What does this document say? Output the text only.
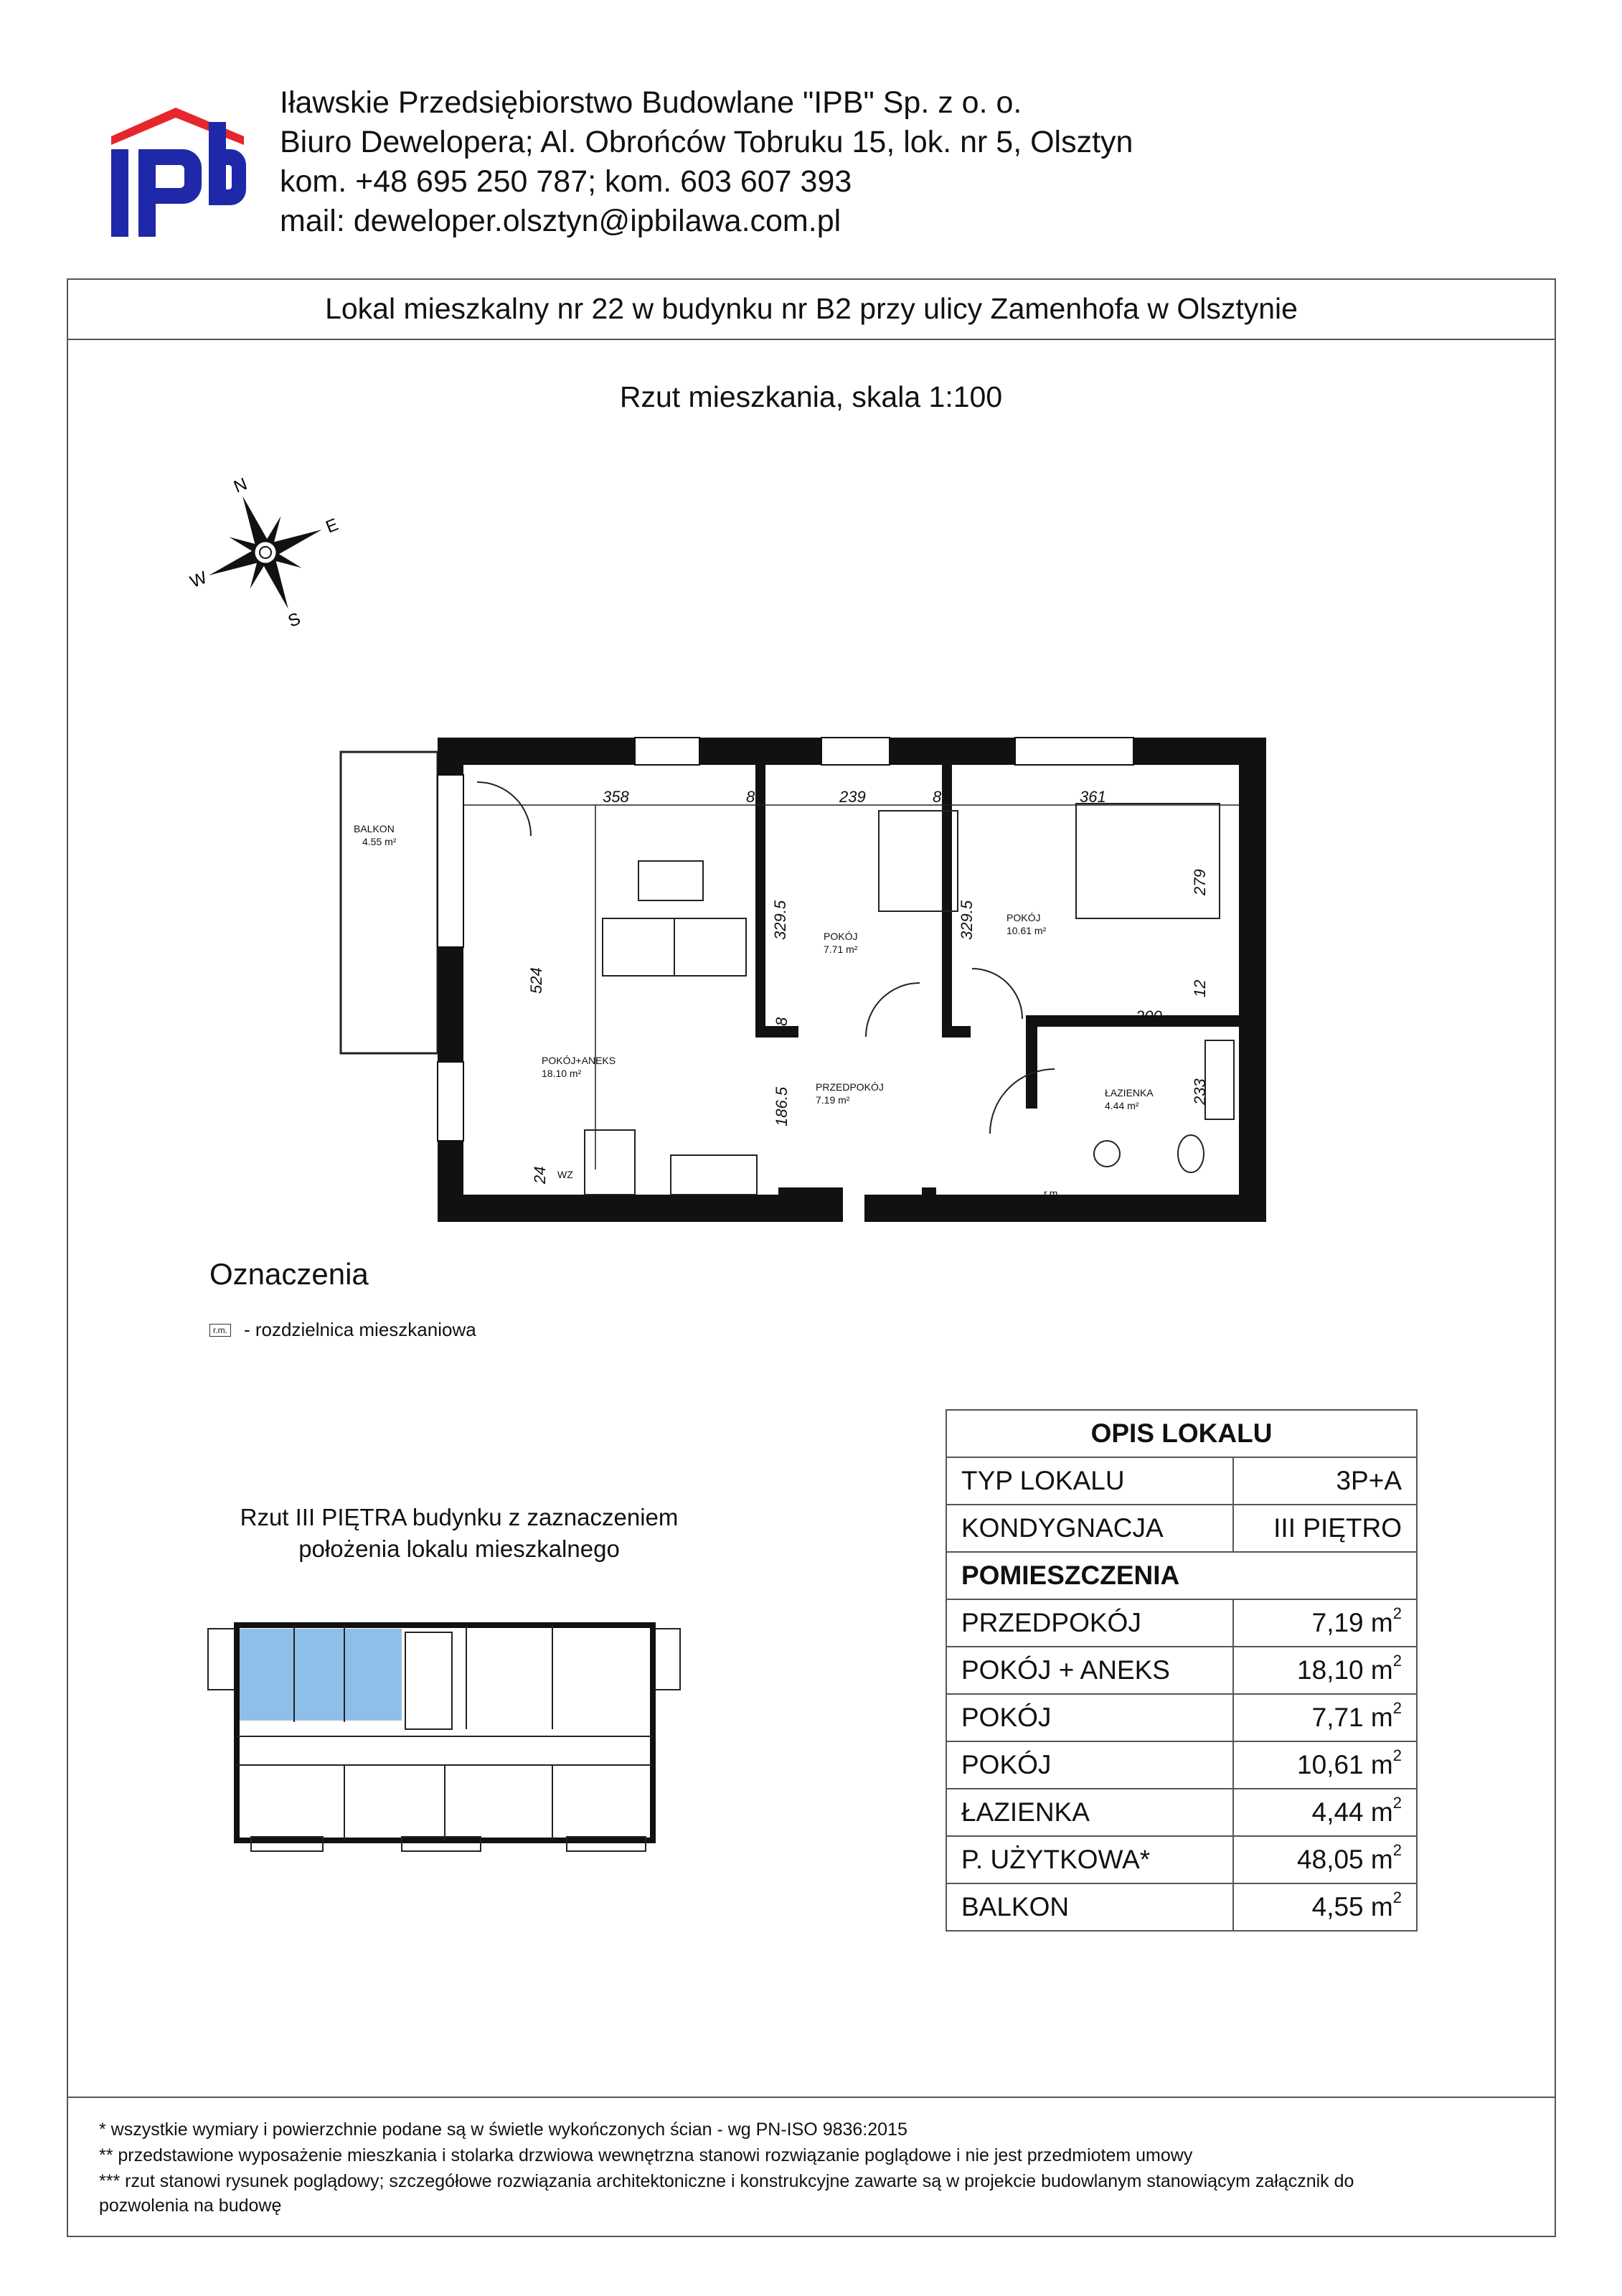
Iławskie Przedsiębiorstwo Budowlane "IPB" Sp. z o. o.
Biuro Dewelopera; Al. Obrońców Tobruku 15, lok. nr 5, Olsztyn
kom. +48 695 250 787; kom. 603 607 393
mail: deweloper.olsztyn@ipbilawa.com.pl
Lokal mieszkalny nr 22 w budynku nr B2 przy ulicy Zamenhofa w Olsztynie
Rzut mieszkania, skala 1:100
N
E
S
W
BALKON
4.55 m²
POKÓJ
7.71 m²
POKÓJ
10.61 m²
POKÓJ+ANEKS
18.10 m²
PRZEDPOKÓJ
7.19 m²
ŁAZIENKA
4.44 m²
358	8	239	8	361
279
329.5	329.5
524	12
200
233
186.5
8
24 WZ
r.m.
Oznaczenia
r.m. - rozdzielnica mieszkaniowa
Rzut III PIĘTRA budynku z zaznaczeniem
położenia lokalu mieszkalnego
OPIS LOKALU	
TYP LOKALU	3P+A
KONDYGNACJA	III PIĘTRO
POMIESZCZENIA	
PRZEDPOKÓJ	7,19 $m^2$
POKÓJ + ANEKS	18,10 $m^2$
POKÓJ	7,71 $m^2$
POKÓJ	10,61 $m^2$
ŁAZIENKA	4,44 $m^2$
P. UŻYTKOWA*	48,05 $m^2$
BALKON	4,55 $m^2$
* wszystkie wymiary i powierzchnie podane są w świetle wykończonych ścian - wg PN-ISO 9836:2015
** przedstawione wyposażenie mieszkania i stolarka drzwiowa wewnętrzna stanowi rozwiązanie poglądowe i nie jest przedmiotem umowy
*** rzut stanowi rysunek poglądowy; szczegółowe rozwiązania architektoniczne i konstrukcyjne zawarte są w projekcie budowlanym stanowiącym załącznik do
pozwolenia na budowę
